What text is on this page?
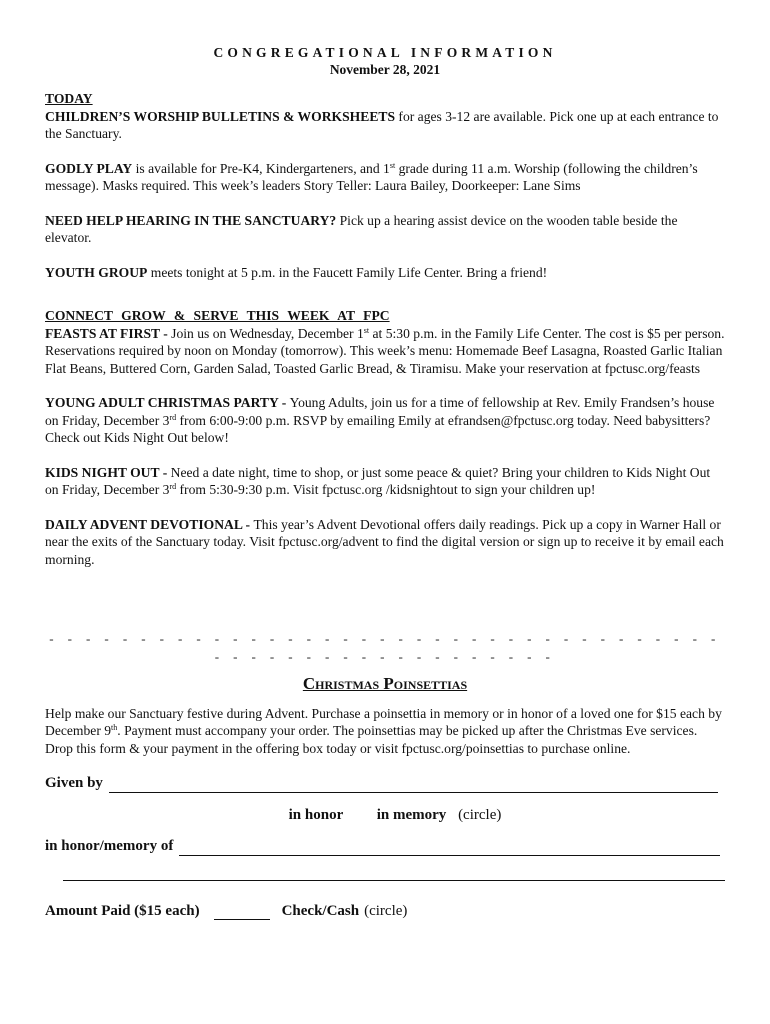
CONGREGATIONAL INFORMATION
November 28, 2021
TODAY

CHILDREN’S WORSHIP BULLETINS & WORKSHEETS for ages 3-12 are available. Pick one up at each entrance to the Sanctuary.

GODLY PLAY is available for Pre-K4, Kindergarteners, and 1st grade during 11 a.m. Worship (following the children’s message). Masks required. This week’s leaders Story Teller: Laura Bailey, Doorkeeper: Lane Sims

NEED HELP HEARING IN THE SANCTUARY? Pick up a hearing assist device on the wooden table beside the elevator.

YOUTH GROUP meets tonight at 5 p.m. in the Faucett Family Life Center. Bring a friend!

CONNECT GROW & SERVE THIS WEEK AT FPC

FEASTS AT FIRST - Join us on Wednesday, December 1st at 5:30 p.m. in the Family Life Center. The cost is $5 per person. Reservations required by noon on Monday (tomorrow). This week’s menu: Homemade Beef Lasagna, Roasted Garlic Italian Flat Beans, Buttered Corn, Garden Salad, Toasted Garlic Bread, & Tiramisu. Make your reservation at fpctusc.org/feasts

YOUNG ADULT CHRISTMAS PARTY - Young Adults, join us for a time of fellowship at Rev. Emily Frandsen’s house on Friday, December 3rd from 6:00-9:00 p.m. RSVP by emailing Emily at efrandsen@fpctusc.org today. Need babysitters? Check out Kids Night Out below!

KIDS NIGHT OUT - Need a date night, time to shop, or just some peace & quiet? Bring your children to Kids Night Out on Friday, December 3rd from 5:30-9:30 p.m. Visit fpctusc.org /kidsnightout to sign your children up!

DAILY ADVENT DEVOTIONAL - This year’s Advent Devotional offers daily readings. Pick up a copy in Warner Hall or near the exits of the Sanctuary today. Visit fpctusc.org/advent to find the digital version or sign up to receive it by email each morning.

- - - - - - - - - - - - - - - - - - - - - - - - - - - - - - - - - - - - - - - - - - - - - - - - - - - - - - - -
Christmas Poinsettias

Help make our Sanctuary festive during Advent. Purchase a poinsettia in memory or in honor of a loved one for $15 each by December 9th. Payment must accompany your order. The poinsettias may be picked up after the Christmas Eve services. Drop this form & your payment in the offering box today or visit fpctusc.org/poinsettias to purchase online.

Given by
in honor in memory (circle)
in honor/memory of
Amount Paid ($15 each)	Check/Cash (circle)
